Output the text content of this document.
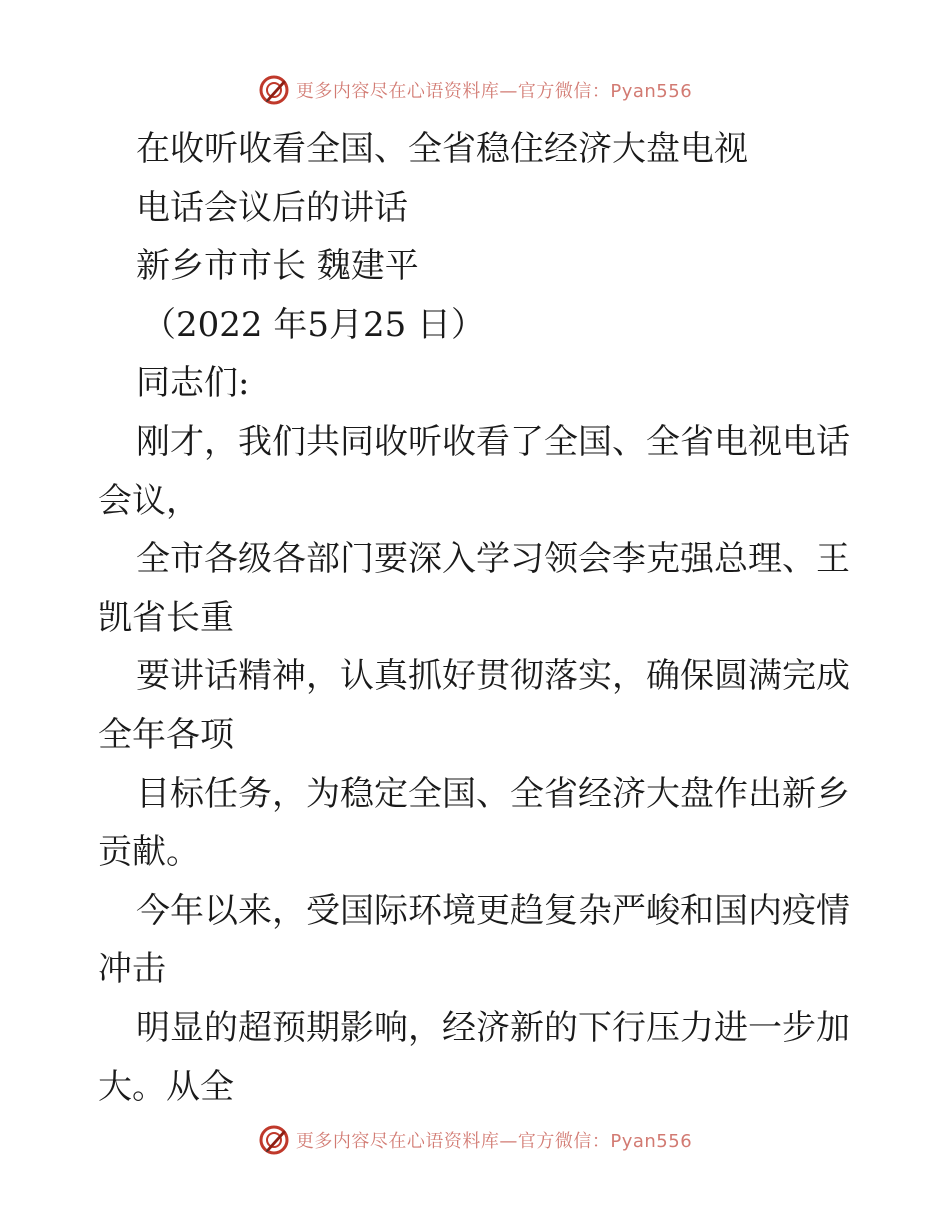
更多内容尽在心语资料库—官方微信：Pyan556

在收听收看全国、全省稳住经济大盘电视

电话会议后的讲话

新乡市市长 魏建平

（2022 年5月25 日）

同志们:

刚才，我们共同收听收看了全国、全省电视电话

会议，

全市各级各部门要深入学习领会李克强总理、王

凯省长重

要讲话精神，认真抓好贯彻落实，确保圆满完成

全年各项

目标任务，为稳定全国、全省经济大盘作出新乡

贡献。

今年以来，受国际环境更趋复杂严峻和国内疫情

冲击

明显的超预期影响，经济新的下行压力进一步加

大。从全

更多内容尽在心语资料库—官方微信：Pyan556
